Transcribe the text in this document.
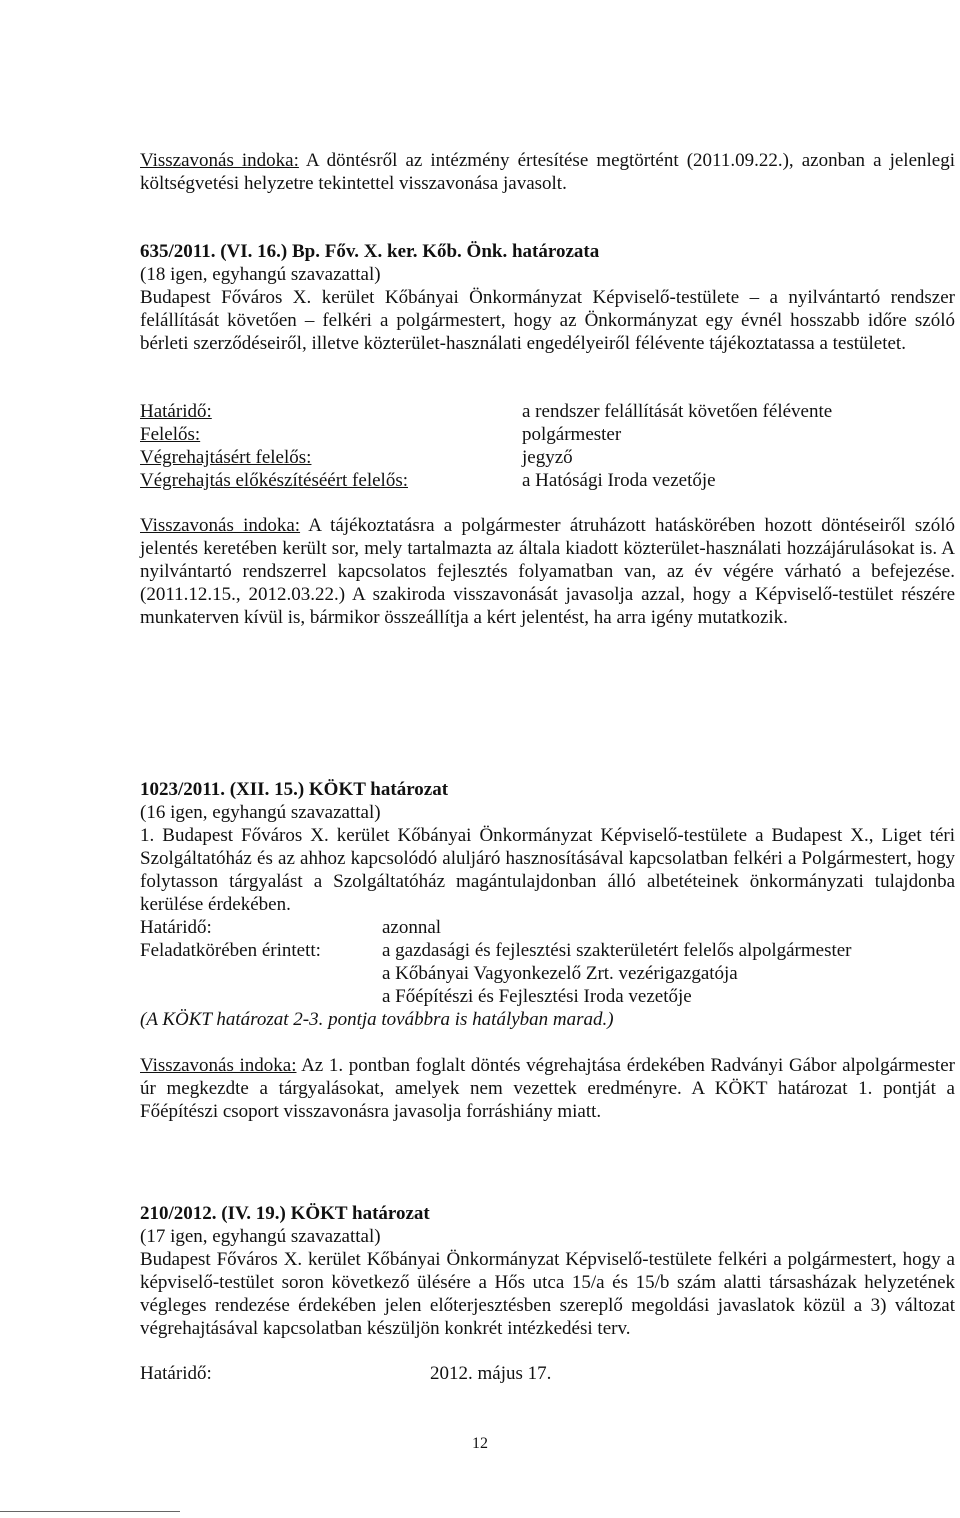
Visszavonás indoka: A döntésről az intézmény értesítése megtörtént (2011.09.22.), azonban a jelenlegi költségvetési helyzetre tekintettel visszavonása javasolt.

635/2011. (VI. 16.) Bp. Főv. X. ker. Kőb. Önk. határozata

(18 igen, egyhangú szavazattal)

Budapest Főváros X. kerület Kőbányai Önkormányzat Képviselő-testülete – a nyilvántartó rendszer felállítását követően – felkéri a polgármestert, hogy az Önkormányzat egy évnél hosszabb időre szóló bérleti szerződéseiről, illetve közterület-használati engedélyeiről félévente tájékoztatassa a testületet.

Határidő:	a rendszer felállítását követően félévente
Felelős:	polgármester
Végrehajtásért felelős:	jegyző
Végrehajtás előkészítéséért felelős:	a Hatósági Iroda vezetője

Visszavonás indoka: A tájékoztatásra a polgármester átruházott hatáskörében hozott döntéseiről szóló jelentés keretében került sor, mely tartalmazta az általa kiadott közterület-használati hozzájárulásokat is. A nyilvántartó rendszerrel kapcsolatos fejlesztés folyamatban van, az év végére várható a befejezése. (2011.12.15., 2012.03.22.) A szakiroda visszavonását javasolja azzal, hogy a Képviselő-testület részére munkaterven kívül is, bármikor összeállítja a kért jelentést, ha arra igény mutatkozik.

1023/2011. (XII. 15.) KÖKT határozat

(16 igen, egyhangú szavazattal)

1. Budapest Főváros X. kerület Kőbányai Önkormányzat Képviselő-testülete a Budapest X., Liget téri Szolgáltatóház és az ahhoz kapcsolódó aluljáró hasznosításával kapcsolatban felkéri a Polgármestert, hogy folytasson tárgyalást a Szolgáltatóház magántulajdonban álló albetéteinek önkormányzati tulajdonba kerülése érdekében.

Határidő:	azonnal
Feladatkörében érintett:	a gazdasági és fejlesztési szakterületért felelős alpolgármester
a Kőbányai Vagyonkezelő Zrt. vezérigazgatója
a Főépítészi és Fejlesztési Iroda vezetője

(A KÖKT határozat 2-3. pontja továbbra is hatályban marad.)

Visszavonás indoka: Az 1. pontban foglalt döntés végrehajtása érdekében Radványi Gábor alpolgármester úr megkezdte a tárgyalásokat, amelyek nem vezettek eredményre. A KÖKT határozat 1. pontját a Főépítészi csoport visszavonásra javasolja forráshiány miatt.

210/2012. (IV. 19.) KÖKT határozat

(17 igen, egyhangú szavazattal)

Budapest Főváros X. kerület Kőbányai Önkormányzat Képviselő-testülete felkéri a polgármestert, hogy a képviselő-testület soron következő ülésére a Hős utca 15/a és 15/b szám alatti társasházak helyzetének végleges rendezése érdekében jelen előterjesztésben szereplő megoldási javaslatok közül a 3) változat végrehajtásával kapcsolatban készüljön konkrét intézkedési terv.

Határidő:	2012. május 17.
12
